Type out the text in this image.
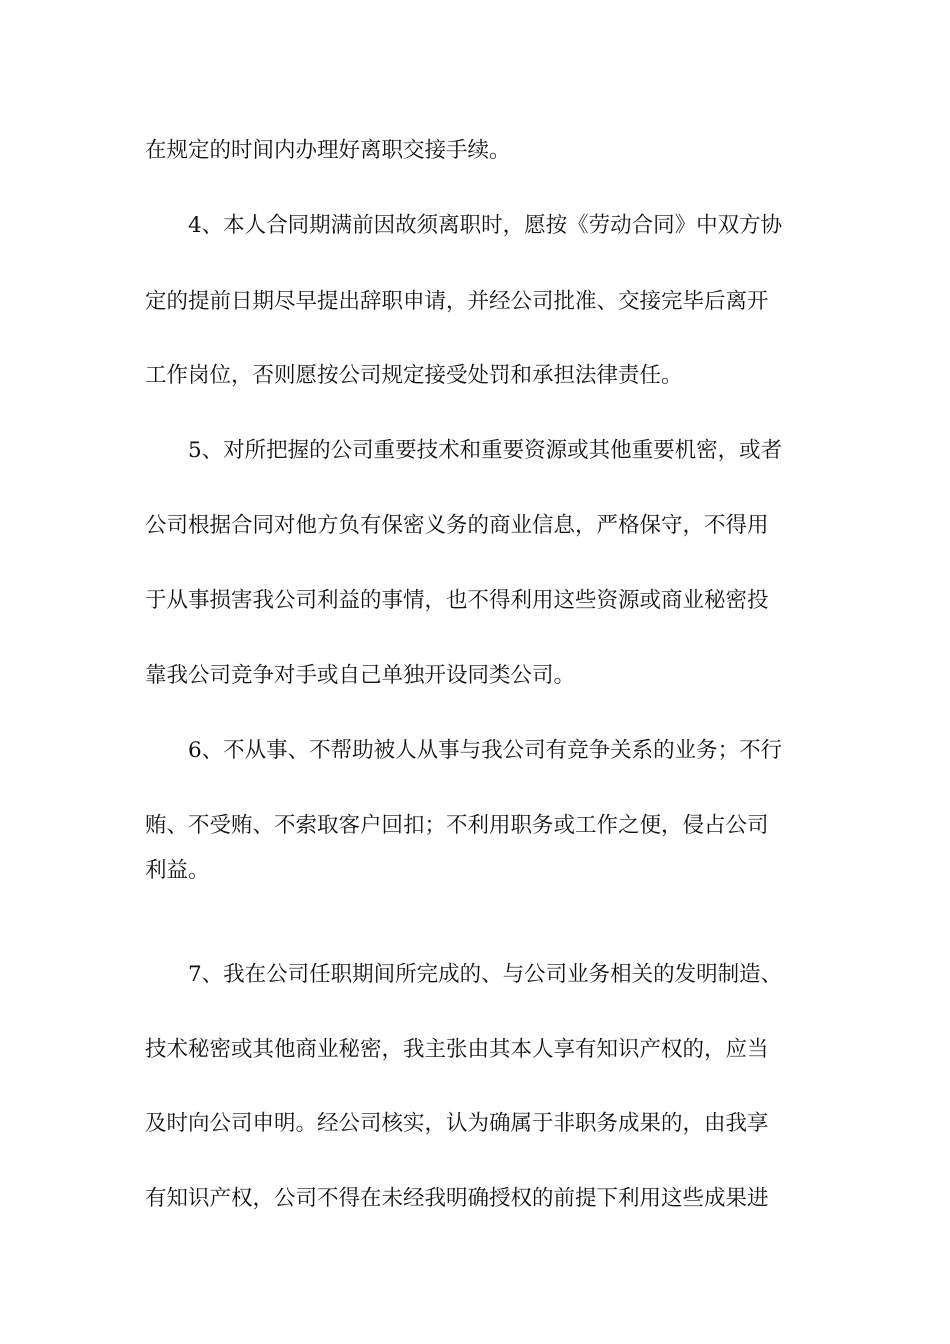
在规定的时间内办理好离职交接手续。
4、本人合同期满前因故须离职时，愿按《劳动合同》中双方协
定的提前日期尽早提出辞职申请，并经公司批准、交接完毕后离开
工作岗位，否则愿按公司规定接受处罚和承担法律责任。
5、对所把握的公司重要技术和重要资源或其他重要机密，或者
公司根据合同对他方负有保密义务的商业信息，严格保守，不得用
于从事损害我公司利益的事情，也不得利用这些资源或商业秘密投
靠我公司竞争对手或自己单独开设同类公司。
6、不从事、不帮助被人从事与我公司有竞争关系的业务；不行
贿、不受贿、不索取客户回扣；不利用职务或工作之便，侵占公司
利益。
7、我在公司任职期间所完成的、与公司业务相关的发明制造、
技术秘密或其他商业秘密，我主张由其本人享有知识产权的，应当
及时向公司申明。经公司核实，认为确属于非职务成果的，由我享
有知识产权，公司不得在未经我明确授权的前提下利用这些成果进
